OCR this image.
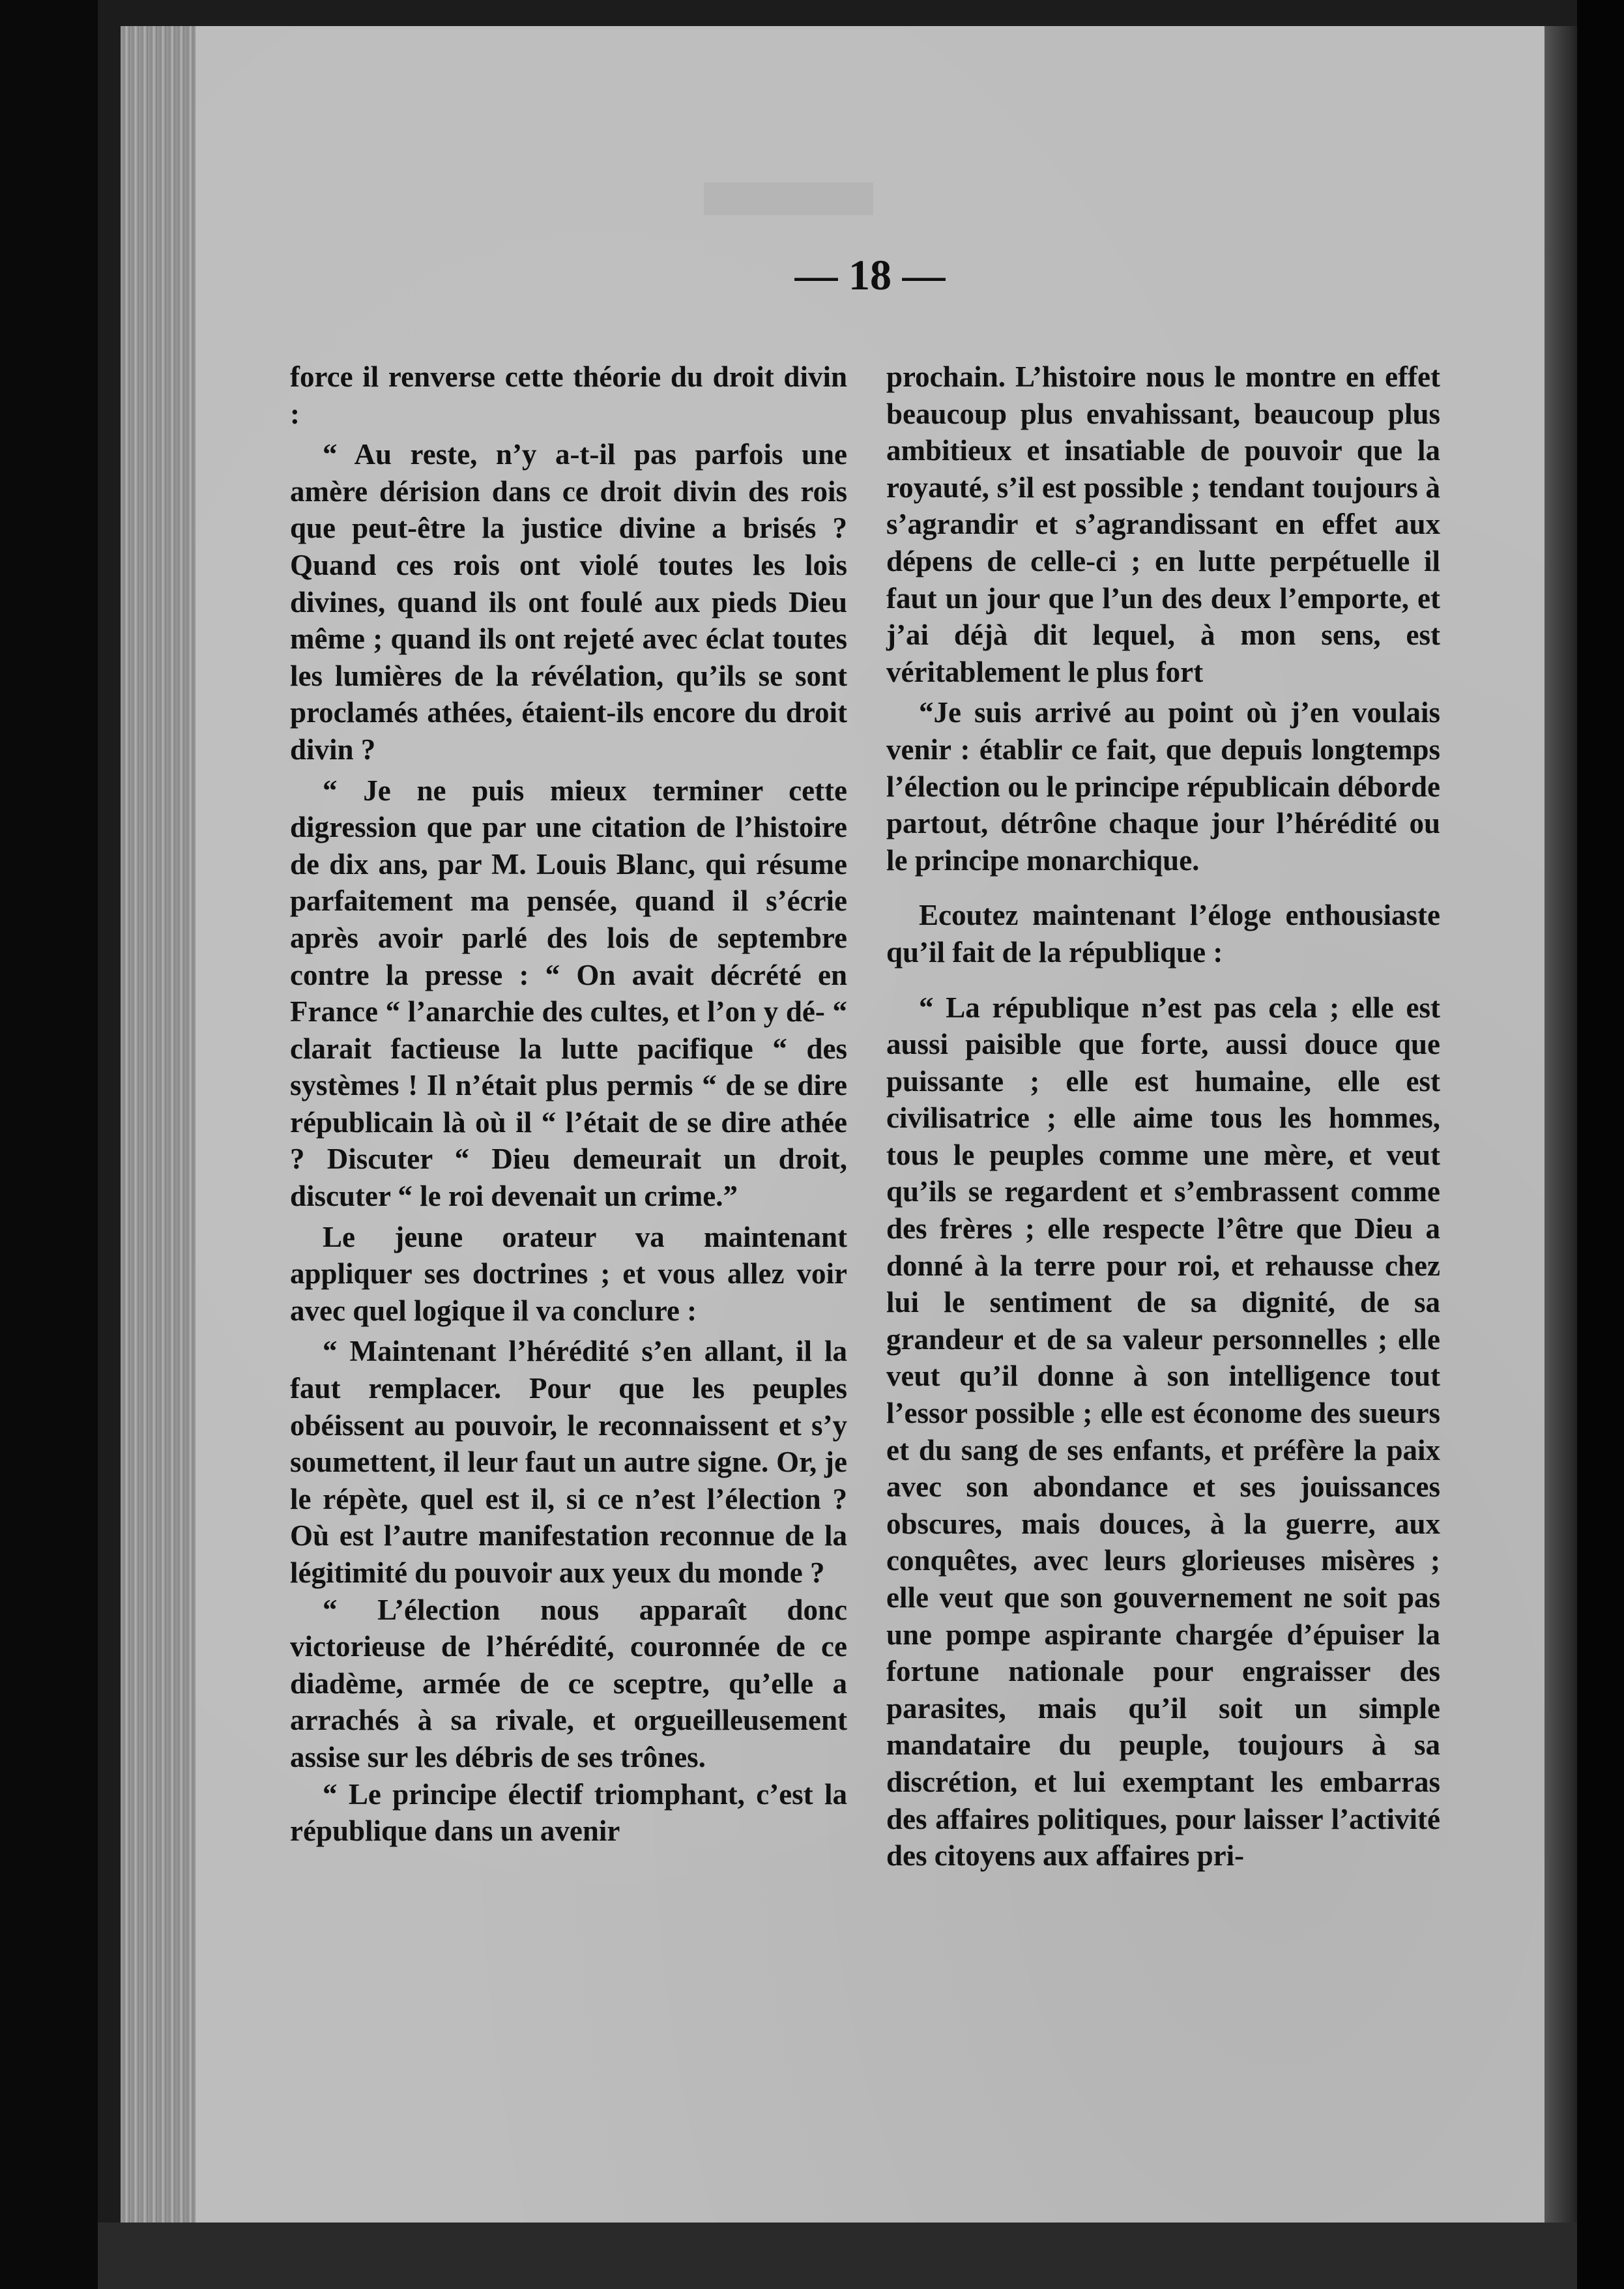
— 18 —

force il renverse cette théorie du droit divin :

“ Au reste, n’y a-t-il pas parfois une amère dérision dans ce droit divin des rois que peut-être la justice divine a brisés ? Quand ces rois ont violé toutes les lois divines, quand ils ont foulé aux pieds Dieu même ; quand ils ont rejeté avec éclat toutes les lumières de la révélation, qu’ils se sont proclamés athées, étaient-ils encore du droit divin ?

“ Je ne puis mieux terminer cette digression que par une citation de l’histoire de dix ans, par M. Louis Blanc, qui résume parfaitement ma pensée, quand il s’écrie après avoir parlé des lois de septembre contre la presse : “ On avait décrété en France “ l’anarchie des cultes, et l’on y dé- “ clarait factieuse la lutte pacifique “ des systèmes ! Il n’était plus permis “ de se dire républicain là où il “ l’était de se dire athée ? Discuter “ Dieu demeurait un droit, discuter “ le roi devenait un crime.”

Le jeune orateur va maintenant appliquer ses doctrines ; et vous allez voir avec quel logique il va conclure :

“ Maintenant l’hérédité s’en allant, il la faut remplacer. Pour que les peuples obéissent au pouvoir, le reconnaissent et s’y soumettent, il leur faut un autre signe. Or, je le répète, quel est il, si ce n’est l’élection ? Où est l’autre manifestation reconnue de la légitimité du pouvoir aux yeux du monde ?

“ L’élection nous apparaît donc victorieuse de l’hérédité, couronnée de ce diadème, armée de ce sceptre, qu’elle a arrachés à sa rivale, et orgueilleusement assise sur les débris de ses trônes.

“ Le principe électif triomphant, c’est la république dans un avenir

prochain. L’histoire nous le montre en effet beaucoup plus envahissant, beaucoup plus ambitieux et insatiable de pouvoir que la royauté, s’il est possible ; tendant toujours à s’agrandir et s’agrandissant en effet aux dépens de celle-ci ; en lutte perpétuelle il faut un jour que l’un des deux l’emporte, et j’ai déjà dit lequel, à mon sens, est véritablement le plus fort

“Je suis arrivé au point où j’en voulais venir : établir ce fait, que depuis longtemps l’élection ou le principe républicain déborde partout, détrône chaque jour l’hérédité ou le principe monarchique.

Ecoutez maintenant l’éloge enthousiaste qu’il fait de la république :

“ La république n’est pas cela ; elle est aussi paisible que forte, aussi douce que puissante ; elle est humaine, elle est civilisatrice ; elle aime tous les hommes, tous le peuples comme une mère, et veut qu’ils se regardent et s’embrassent comme des frères ; elle respecte l’être que Dieu a donné à la terre pour roi, et rehausse chez lui le sentiment de sa dignité, de sa grandeur et de sa valeur personnelles ; elle veut qu’il donne à son intelligence tout l’essor possible ; elle est économe des sueurs et du sang de ses enfants, et préfère la paix avec son abondance et ses jouissances obscures, mais douces, à la guerre, aux conquêtes, avec leurs glorieuses misères ; elle veut que son gouvernement ne soit pas une pompe aspirante chargée d’épuiser la fortune nationale pour engraisser des parasites, mais qu’il soit un simple mandataire du peuple, toujours à sa discrétion, et lui exemptant les embarras des affaires politiques, pour laisser l’activité des citoyens aux affaires pri-
